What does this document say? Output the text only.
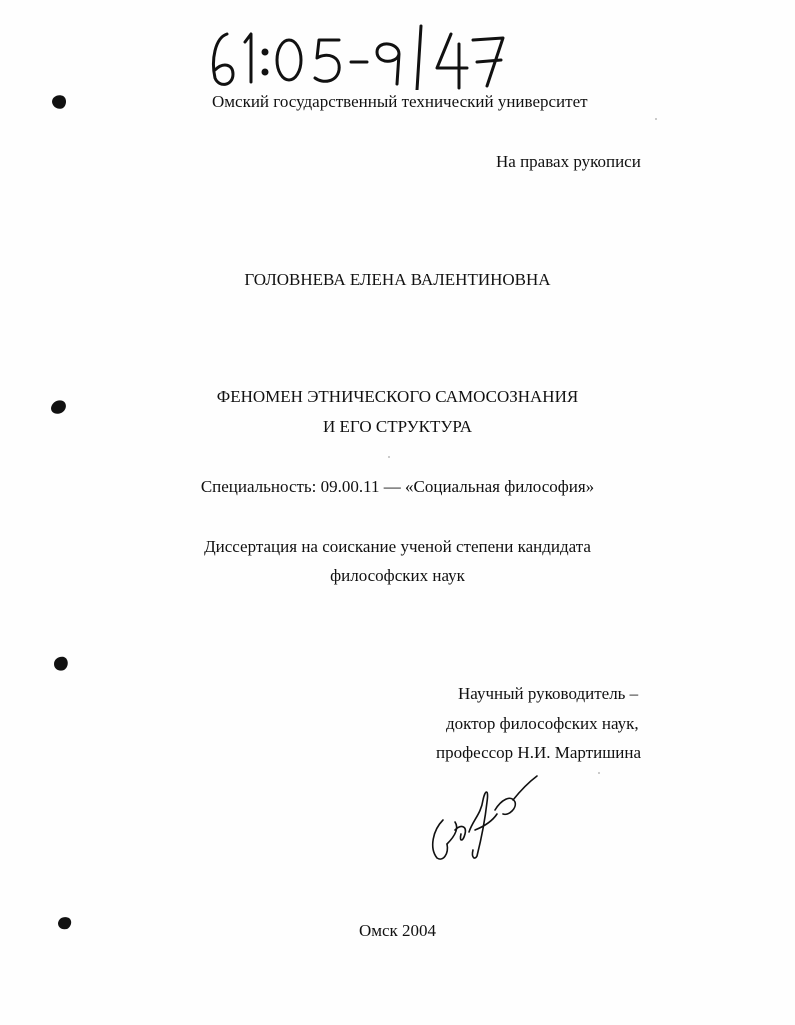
Омский государственный технический университет
На правах рукописи
ГОЛОВНЕВА ЕЛЕНА ВАЛЕНТИНОВНА
ФЕНОМЕН ЭТНИЧЕСКОГО САМОСОЗНАНИЯ
И ЕГО СТРУКТУРА
Специальность: 09.00.11 — «Социальная философия»
Диссертация на соискание ученой степени кандидата
философских наук
Научный руководитель –
доктор философских наук,
профессор Н.И. Мартишина
Омск 2004
